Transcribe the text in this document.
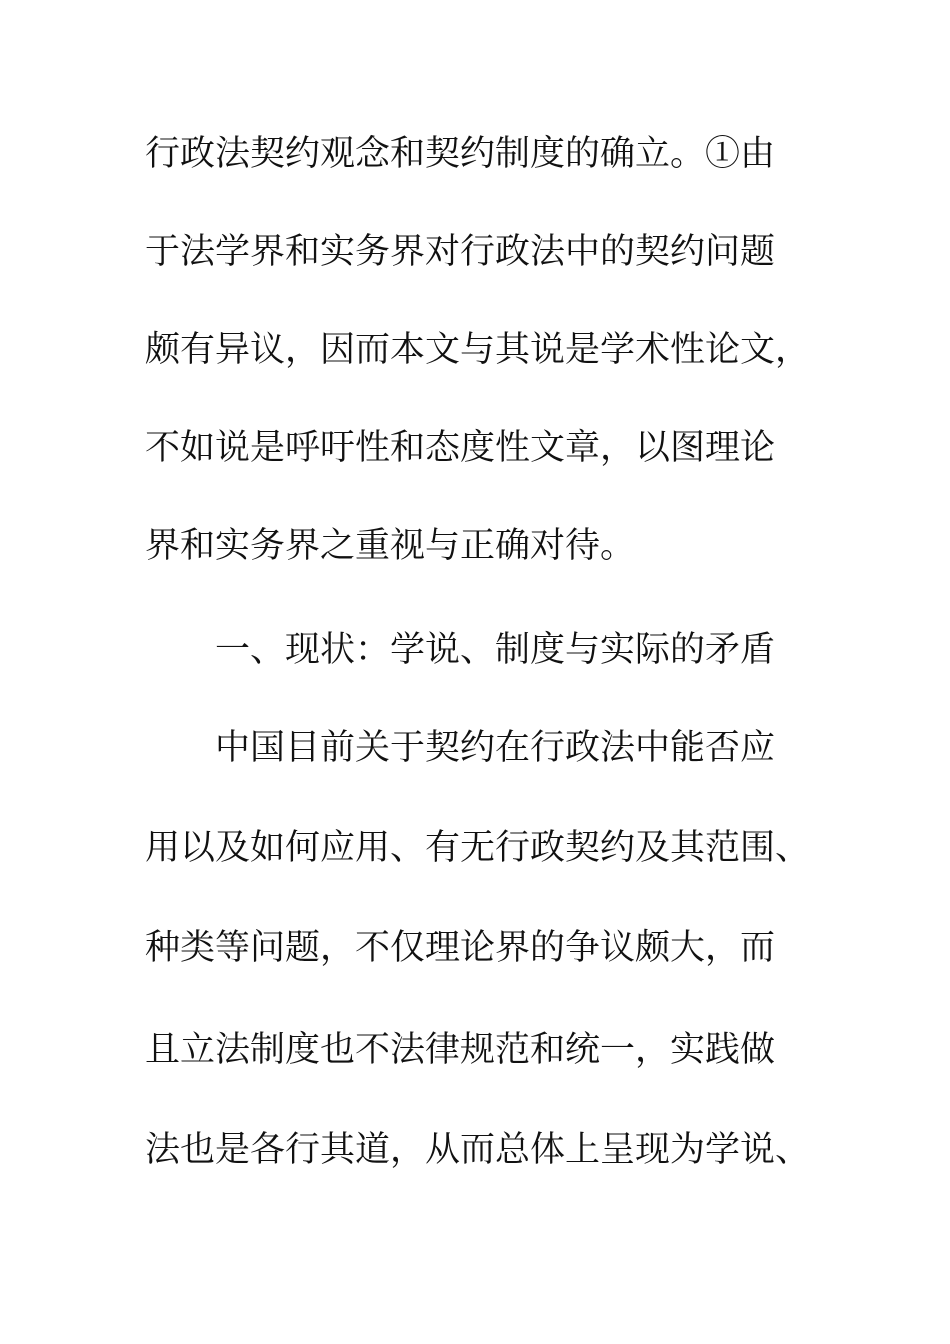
行政法契约观念和契约制度的确立。①由
于法学界和实务界对行政法中的契约问题
颇有异议，因而本文与其说是学术性论文，
不如说是呼吁性和态度性文章，以图理论
界和实务界之重视与正确对待。
一、现状：学说、制度与实际的矛盾
中国目前关于契约在行政法中能否应
用以及如何应用、有无行政契约及其范围、
种类等问题，不仅理论界的争议颇大，而
且立法制度也不法律规范和统一，实践做
法也是各行其道，从而总体上呈现为学说、
